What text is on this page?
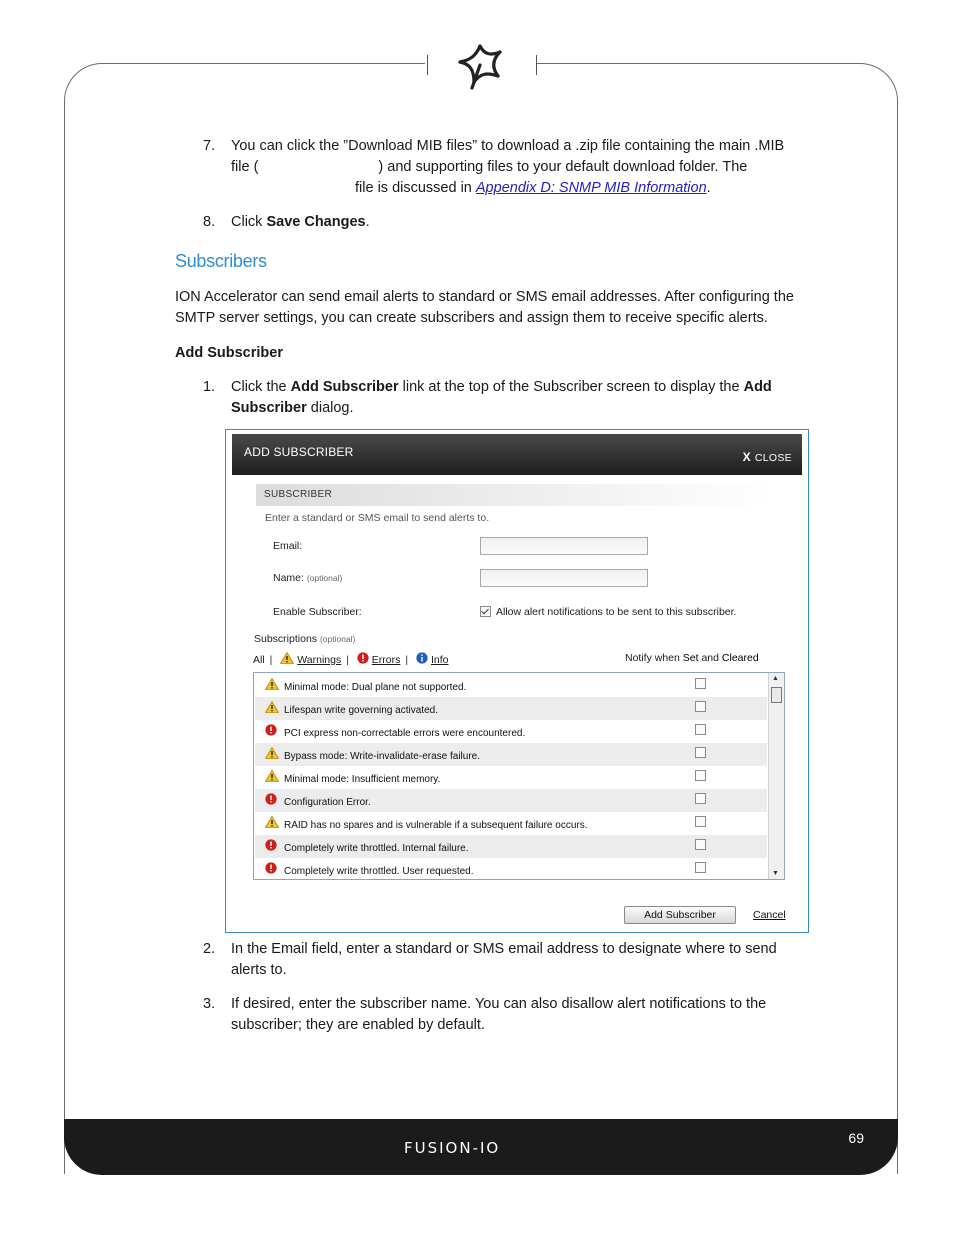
7. You can click the ”Download MIB files” to download a .zip file containing the main .MIB
file (	) and supporting files to your default download folder. The
file is discussed in Appendix D: SNMP MIB Information.
8. Click Save Changes.
Subscribers
ION Accelerator can send email alerts to standard or SMS email addresses. After configuring the
SMTP server settings, you can create subscribers and assign them to receive specific alerts.
Add Subscriber
1. Click the Add Subscriber link at the top of the Subscriber screen to display the Add
Subscriber dialog.
ADD SUBSCRIBER	X CLOSE
SUBSCRIBER
Enter a standard or SMS email to send alerts to.
Email:
Name: (optional)
Enable Subscriber:	Allow alert notifications to be sent to this subscriber.
Subscriptions (optional)
All | Warnings | Errors | Info	Notify when Set and Cleared
Minimal mode: Dual plane not supported.
Lifespan write governing activated.
PCI express non-correctable errors were encountered.
Bypass mode: Write-invalidate-erase failure.
Minimal mode: Insufficient memory.
Configuration Error.
RAID has no spares and is vulnerable if a subsequent failure occurs.
Completely write throttled. Internal failure.
Completely write throttled. User requested.
▲
▼
Add Subscriber	Cancel
2. In the Email field, enter a standard or SMS email address to designate where to send
alerts to.
3. If desired, enter the subscriber name. You can also disallow alert notifications to the
subscriber; they are enabled by default.
FUSION-IO
69
